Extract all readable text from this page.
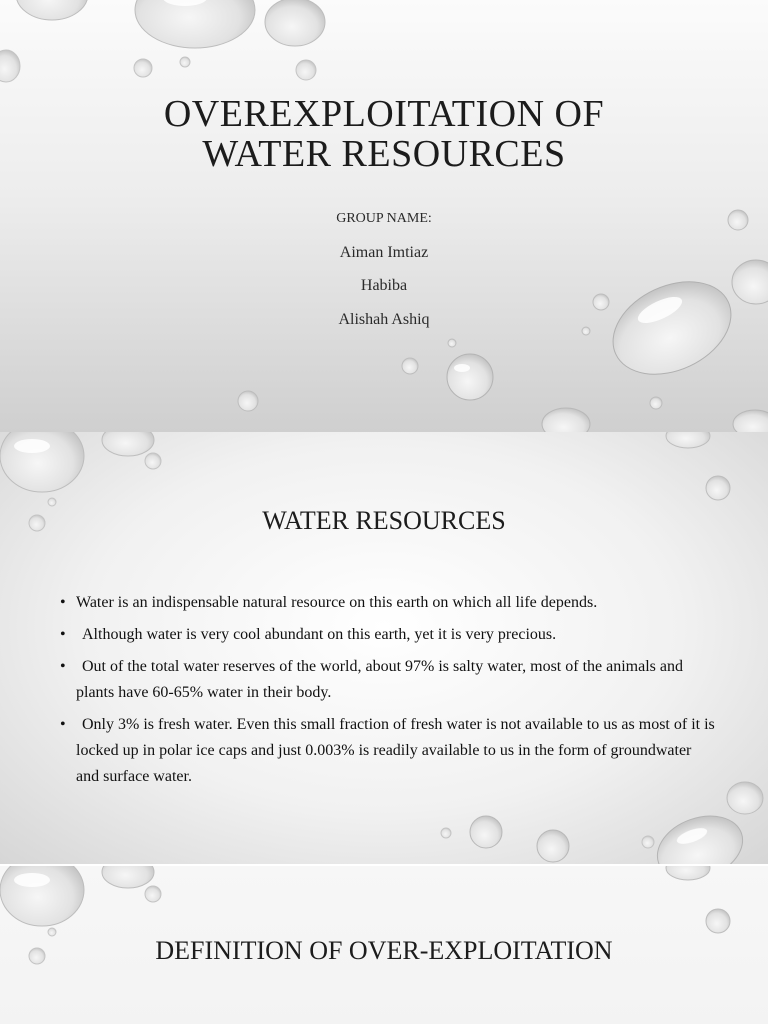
OVEREXPLOITATION OF
WATER RESOURCES
GROUP NAME:
Aiman Imtiaz
Habiba
Alishah Ashiq
WATER RESOURCES
• Water is an indispensable natural resource on this earth on which all life depends.
• Although water is very cool abundant on this earth, yet it is very precious.
• Out of the total water reserves of the world, about 97% is salty water, most of the animals and plants have 60-65% water in their body.
• Only 3% is fresh water. Even this small fraction of fresh water is not available to us as most of it is locked up in polar ice caps and just 0.003% is readily available to us in the form of groundwater and surface water.
DEFINITION OF OVER-EXPLOITATION
